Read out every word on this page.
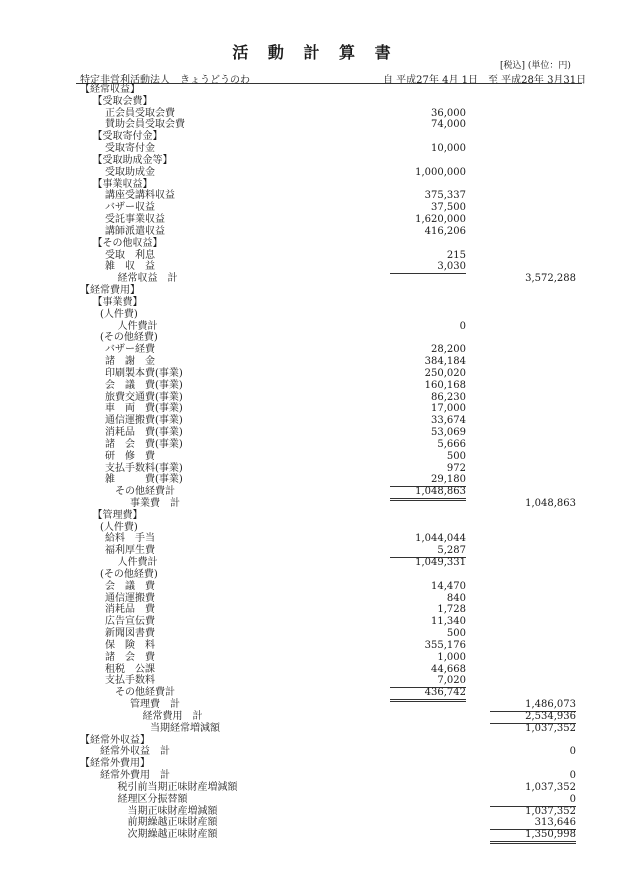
活 動 計 算 書
[税込] (単位：円)
特定非営利活動法人　きょうどうのわ	自 平成27年 4月 1日　至 平成28年 3月31日
【経常収益】
【受取会費】
正会員受取会費	36,000
賛助会員受取会費	74,000
【受取寄付金】
受取寄付金	10,000
【受取助成金等】
受取助成金	1,000,000
【事業収益】
講座受講料収益	375,337
バザー収益	37,500
受託事業収益	1,620,000
講師派遣収益	416,206
【その他収益】
受取　利息	215
雑　収　益	3,030
経常収益　計	3,572,288
【経常費用】
【事業費】
(人件費)
人件費計	0
(その他経費)
バザー経費	28,200
諸　謝　金	384,184
印刷製本費(事業)	250,020
会　議　費(事業)	160,168
旅費交通費(事業)	86,230
車　両　費(事業)	17,000
通信運搬費(事業)	33,674
消耗品　費(事業)	53,069
諸　会　費(事業)	5,666
研　修　費	500
支払手数料(事業)	972
雑　　　費(事業)	29,180
その他経費計	1,048,863
事業費　計	1,048,863
【管理費】
(人件費)
給料　手当	1,044,044
福利厚生費	5,287
人件費計	1,049,331
(その他経費)
会　議　費	14,470
通信運搬費	840
消耗品　費	1,728
広告宣伝費	11,340
新聞図書費	500
保　険　料	355,176
諸　会　費	1,000
租税　公課	44,668
支払手数料	7,020
その他経費計	436,742
管理費　計	1,486,073
経常費用　計	2,534,936
当期経常増減額	1,037,352
【経常外収益】
経常外収益　計	0
【経常外費用】
経常外費用　計	0
税引前当期正味財産増減額	1,037,352
経理区分振替額	0
当期正味財産増減額	1,037,352
前期繰越正味財産額	313,646
次期繰越正味財産額	1,350,998
